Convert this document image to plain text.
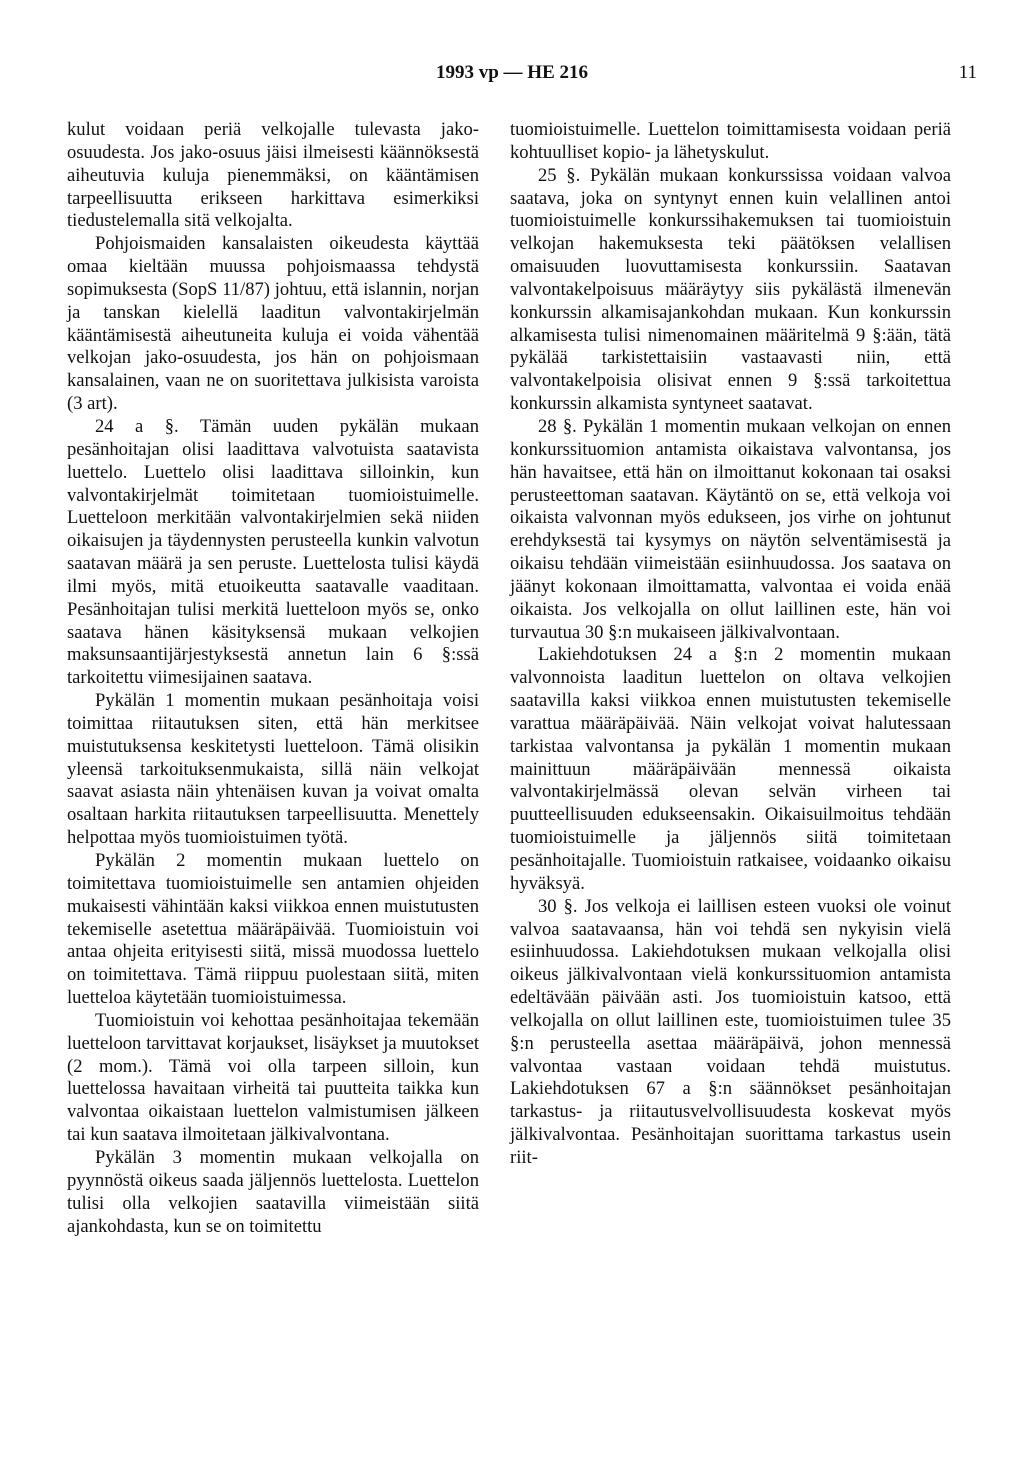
1993 vp — HE 216	11

kulut voidaan periä velkojalle tulevasta jako-osuudesta. Jos jako-osuus jäisi ilmeisesti käännöksestä aiheutuvia kuluja pienemmäksi, on kääntämisen tarpeellisuutta erikseen harkittava esimerkiksi tiedustelemalla sitä velkojalta.

Pohjoismaiden kansalaisten oikeudesta käyttää omaa kieltään muussa pohjoismaassa tehdystä sopimuksesta (SopS 11/87) johtuu, että islannin, norjan ja tanskan kielellä laaditun valvontakirjelmän kääntämisestä aiheutuneita kuluja ei voida vähentää velkojan jako-osuudesta, jos hän on pohjoismaan kansalainen, vaan ne on suoritettava julkisista varoista (3 art).

24 a §. Tämän uuden pykälän mukaan pesänhoitajan olisi laadittava valvotuista saatavista luettelo. Luettelo olisi laadittava silloinkin, kun valvontakirjelmät toimitetaan tuomioistuimelle. Luetteloon merkitään valvontakirjelmien sekä niiden oikaisujen ja täydennysten perusteella kunkin valvotun saatavan määrä ja sen peruste. Luettelosta tulisi käydä ilmi myös, mitä etuoikeutta saatavalle vaaditaan. Pesänhoitajan tulisi merkitä luetteloon myös se, onko saatava hänen käsityksensä mukaan velkojien maksunsaantijärjestyksestä annetun lain 6 §:ssä tarkoitettu viimesijainen saatava.

Pykälän 1 momentin mukaan pesänhoitaja voisi toimittaa riitautuksen siten, että hän merkitsee muistutuksensa keskitetysti luetteloon. Tämä olisikin yleensä tarkoituksenmukaista, sillä näin velkojat saavat asiasta näin yhtenäisen kuvan ja voivat omalta osaltaan harkita riitautuksen tarpeellisuutta. Menettely helpottaa myös tuomioistuimen työtä.

Pykälän 2 momentin mukaan luettelo on toimitettava tuomioistuimelle sen antamien ohjeiden mukaisesti vähintään kaksi viikkoa ennen muistutusten tekemiselle asetettua määräpäivää. Tuomioistuin voi antaa ohjeita erityisesti siitä, missä muodossa luettelo on toimitettava. Tämä riippuu puolestaan siitä, miten luetteloa käytetään tuomioistuimessa.

Tuomioistuin voi kehottaa pesänhoitajaa tekemään luetteloon tarvittavat korjaukset, lisäykset ja muutokset (2 mom.). Tämä voi olla tarpeen silloin, kun luettelossa havaitaan virheitä tai puutteita taikka kun valvontaa oikaistaan luettelon valmistumisen jälkeen tai kun saatava ilmoitetaan jälkivalvontana.

Pykälän 3 momentin mukaan velkojalla on pyynnöstä oikeus saada jäljennös luettelosta. Luettelon tulisi olla velkojien saatavilla viimeistään siitä ajankohdasta, kun se on toimitettu

tuomioistuimelle. Luettelon toimittamisesta voidaan periä kohtuulliset kopio- ja lähetyskulut.

25 §. Pykälän mukaan konkurssissa voidaan valvoa saatava, joka on syntynyt ennen kuin velallinen antoi tuomioistuimelle konkurssihakemuksen tai tuomioistuin velkojan hakemuksesta teki päätöksen velallisen omaisuuden luovuttamisesta konkurssiin. Saatavan valvontakelpoisuus määräytyy siis pykälästä ilmenevän konkurssin alkamisajankohdan mukaan. Kun konkurssin alkamisesta tulisi nimenomainen määritelmä 9 §:ään, tätä pykälää tarkistettaisiin vastaavasti niin, että valvontakelpoisia olisivat ennen 9 §:ssä tarkoitettua konkurssin alkamista syntyneet saatavat.

28 §. Pykälän 1 momentin mukaan velkojan on ennen konkurssituomion antamista oikaistava valvontansa, jos hän havaitsee, että hän on ilmoittanut kokonaan tai osaksi perusteettoman saatavan. Käytäntö on se, että velkoja voi oikaista valvonnan myös edukseen, jos virhe on johtunut erehdyksestä tai kysymys on näytön selventämisestä ja oikaisu tehdään viimeistään esiinhuudossa. Jos saatava on jäänyt kokonaan ilmoittamatta, valvontaa ei voida enää oikaista. Jos velkojalla on ollut laillinen este, hän voi turvautua 30 §:n mukaiseen jälkivalvontaan.

Lakiehdotuksen 24 a §:n 2 momentin mukaan valvonnoista laaditun luettelon on oltava velkojien saatavilla kaksi viikkoa ennen muistutusten tekemiselle varattua määräpäivää. Näin velkojat voivat halutessaan tarkistaa valvontansa ja pykälän 1 momentin mukaan mainittuun määräpäivään mennessä oikaista valvontakirjelmässä olevan selvän virheen tai puutteellisuuden edukseensakin. Oikaisuilmoitus tehdään tuomioistuimelle ja jäljennös siitä toimitetaan pesänhoitajalle. Tuomioistuin ratkaisee, voidaanko oikaisu hyväksyä.

30 §. Jos velkoja ei laillisen esteen vuoksi ole voinut valvoa saatavaansa, hän voi tehdä sen nykyisin vielä esiinhuudossa. Lakiehdotuksen mukaan velkojalla olisi oikeus jälkivalvontaan vielä konkurssituomion antamista edeltävään päivään asti. Jos tuomioistuin katsoo, että velkojalla on ollut laillinen este, tuomioistuimen tulee 35 §:n perusteella asettaa määräpäivä, johon mennessä valvontaa vastaan voidaan tehdä muistutus. Lakiehdotuksen 67 a §:n säännökset pesänhoitajan tarkastus- ja riitautusvelvollisuudesta koskevat myös jälkivalvontaa. Pesänhoitajan suorittama tarkastus usein riit-
